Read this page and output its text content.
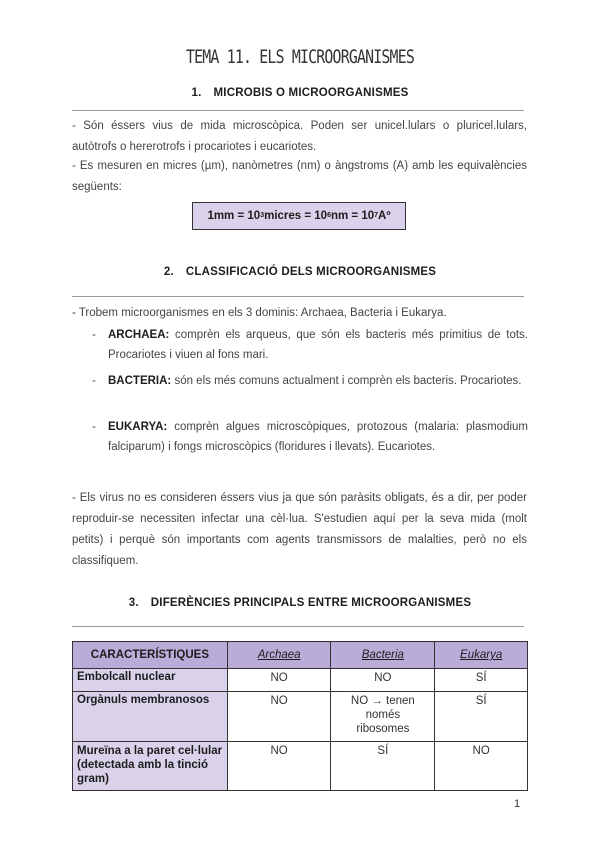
TEMA 11. ELS MICROORGANISMES
1. MICROBIS O MICROORGANISMES
- Són éssers vius de mida microscòpica. Poden ser unicel.lulars o pluricel.lulars, autòtrofs o hererotrofs i procariotes i eucariotes.
- Es mesuren en micres (µm), nanòmetres (nm) o àngstroms (A) amb les equivalències següents:
1mm = 10 3 micres = 10 6 nm = 10 7 Aº
2. CLASSIFICACIÓ DELS MICROORGANISMES
- Trobem microorganismes en els 3 dominis: Archaea, Bacteria i Eukarya.
- ARCHAEA: comprèn els arqueus, que són els bacteris més primitius de tots. Procariotes i viuen al fons mari.
- BACTERIA: són els més comuns actualment i comprèn els bacteris. Procariotes.
- EUKARYA: comprèn algues microscòpiques, protozous (malaria: plasmodium falciparum) i fongs microscòpics (floridures i llevats). Eucariotes.
- Els virus no es consideren éssers vius ja que són paràsits obligats, és a dir, per poder reproduir-se necessiten infectar una cèl·lua. S'estudien aquí per la seva mida (molt petits) i perquè són importants com agents transmissors de malalties, però no els classifiquem.
3. DIFERÈNCIES PRINCIPALS ENTRE MICROORGANISMES
CARACTERÍSTIQUES	Archaea	Bacteria	Eukarya
Embolcall nuclear	NO	NO	SÍ
Orgànuls membranosos	NO	NO → tenen només ribosomes	SÍ
Mureïna a la paret cel·lular (detectada amb la tinció gram)	NO	SÍ	NO
1
